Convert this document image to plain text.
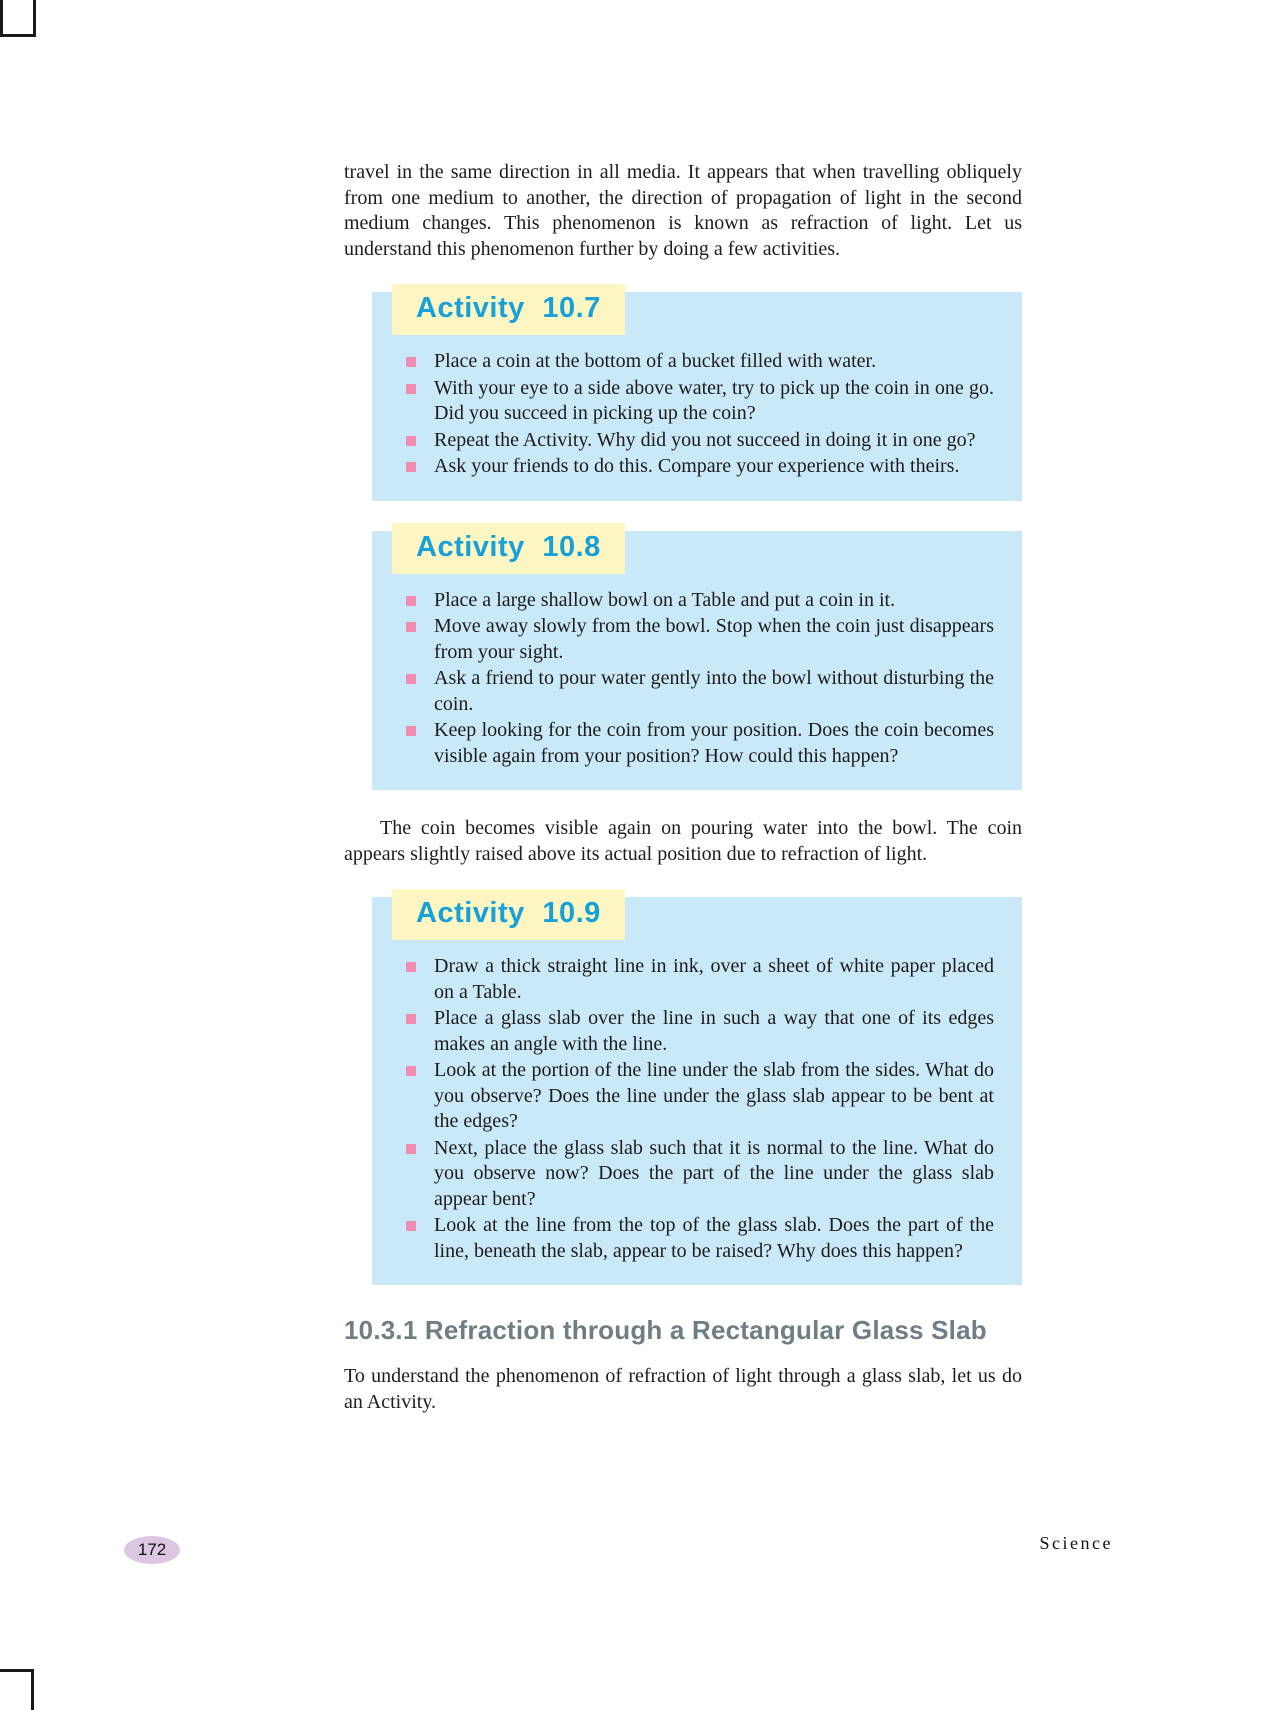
travel in the same direction in all media. It appears that when travelling obliquely from one medium to another, the direction of propagation of light in the second medium changes. This phenomenon is known as refraction of light. Let us understand this phenomenon further by doing a few activities.

Activity 10.7
Place a coin at the bottom of a bucket filled with water.
With your eye to a side above water, try to pick up the coin in one go. Did you succeed in picking up the coin?
Repeat the Activity. Why did you not succeed in doing it in one go?
Ask your friends to do this. Compare your experience with theirs.
Activity 10.8
Place a large shallow bowl on a Table and put a coin in it.
Move away slowly from the bowl. Stop when the coin just disappears from your sight.
Ask a friend to pour water gently into the bowl without disturbing the coin.
Keep looking for the coin from your position. Does the coin becomes visible again from your position? How could this happen?

The coin becomes visible again on pouring water into the bowl. The coin appears slightly raised above its actual position due to refraction of light.

Activity 10.9
Draw a thick straight line in ink, over a sheet of white paper placed on a Table.
Place a glass slab over the line in such a way that one of its edges makes an angle with the line.
Look at the portion of the line under the slab from the sides. What do you observe? Does the line under the glass slab appear to be bent at the edges?
Next, place the glass slab such that it is normal to the line. What do you observe now? Does the part of the line under the glass slab appear bent?
Look at the line from the top of the glass slab. Does the part of the line, beneath the slab, appear to be raised? Why does this happen?
10.3.1 Refraction through a Rectangular Glass Slab

To understand the phenomenon of refraction of light through a glass slab, let us do an Activity.

172	Science
